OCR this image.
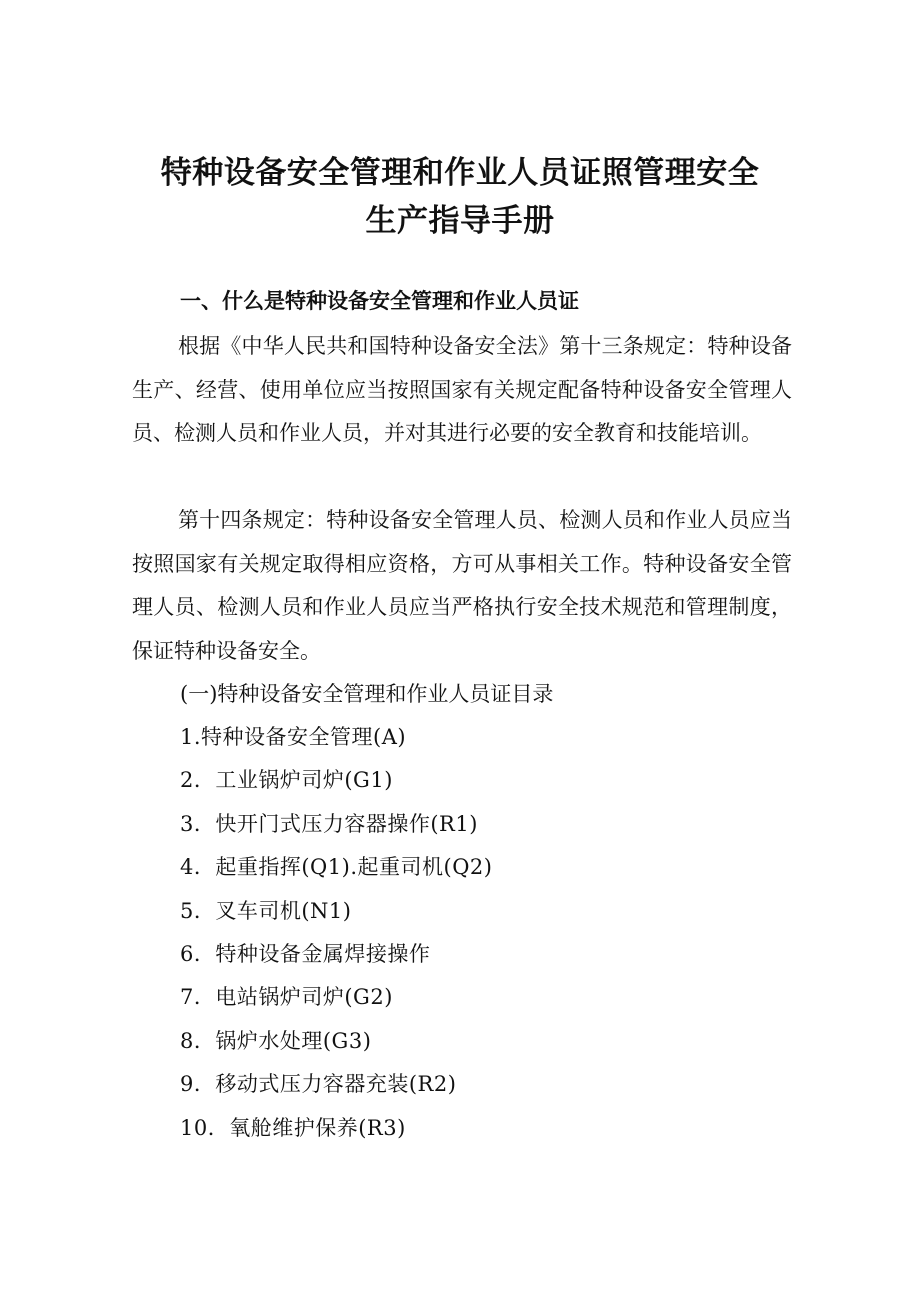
特种设备安全管理和作业人员证照管理安全
生产指导手册
一、什么是特种设备安全管理和作业人员证

根据《中华人民共和国特种设备安全法》第十三条规定：特种设备生产、经营、使用单位应当按照国家有关规定配备特种设备安全管理人员、检测人员和作业人员，并对其进行必要的安全教育和技能培训。

第十四条规定：特种设备安全管理人员、检测人员和作业人员应当按照国家有关规定取得相应资格，方可从事相关工作。特种设备安全管理人员、检测人员和作业人员应当严格执行安全技术规范和管理制度，保证特种设备安全。

(一)特种设备安全管理和作业人员证目录

1.特种设备安全管理(A)
2．工业锅炉司炉(G1)
3．快开门式压力容器操作(R1)
4．起重指挥(Q1).起重司机(Q2)
5．叉车司机(N1)
6．特种设备金属焊接操作
7．电站锅炉司炉(G2)
8．锅炉水处理(G3)
9．移动式压力容器充装(R2)
10．氧舱维护保养(R3)
